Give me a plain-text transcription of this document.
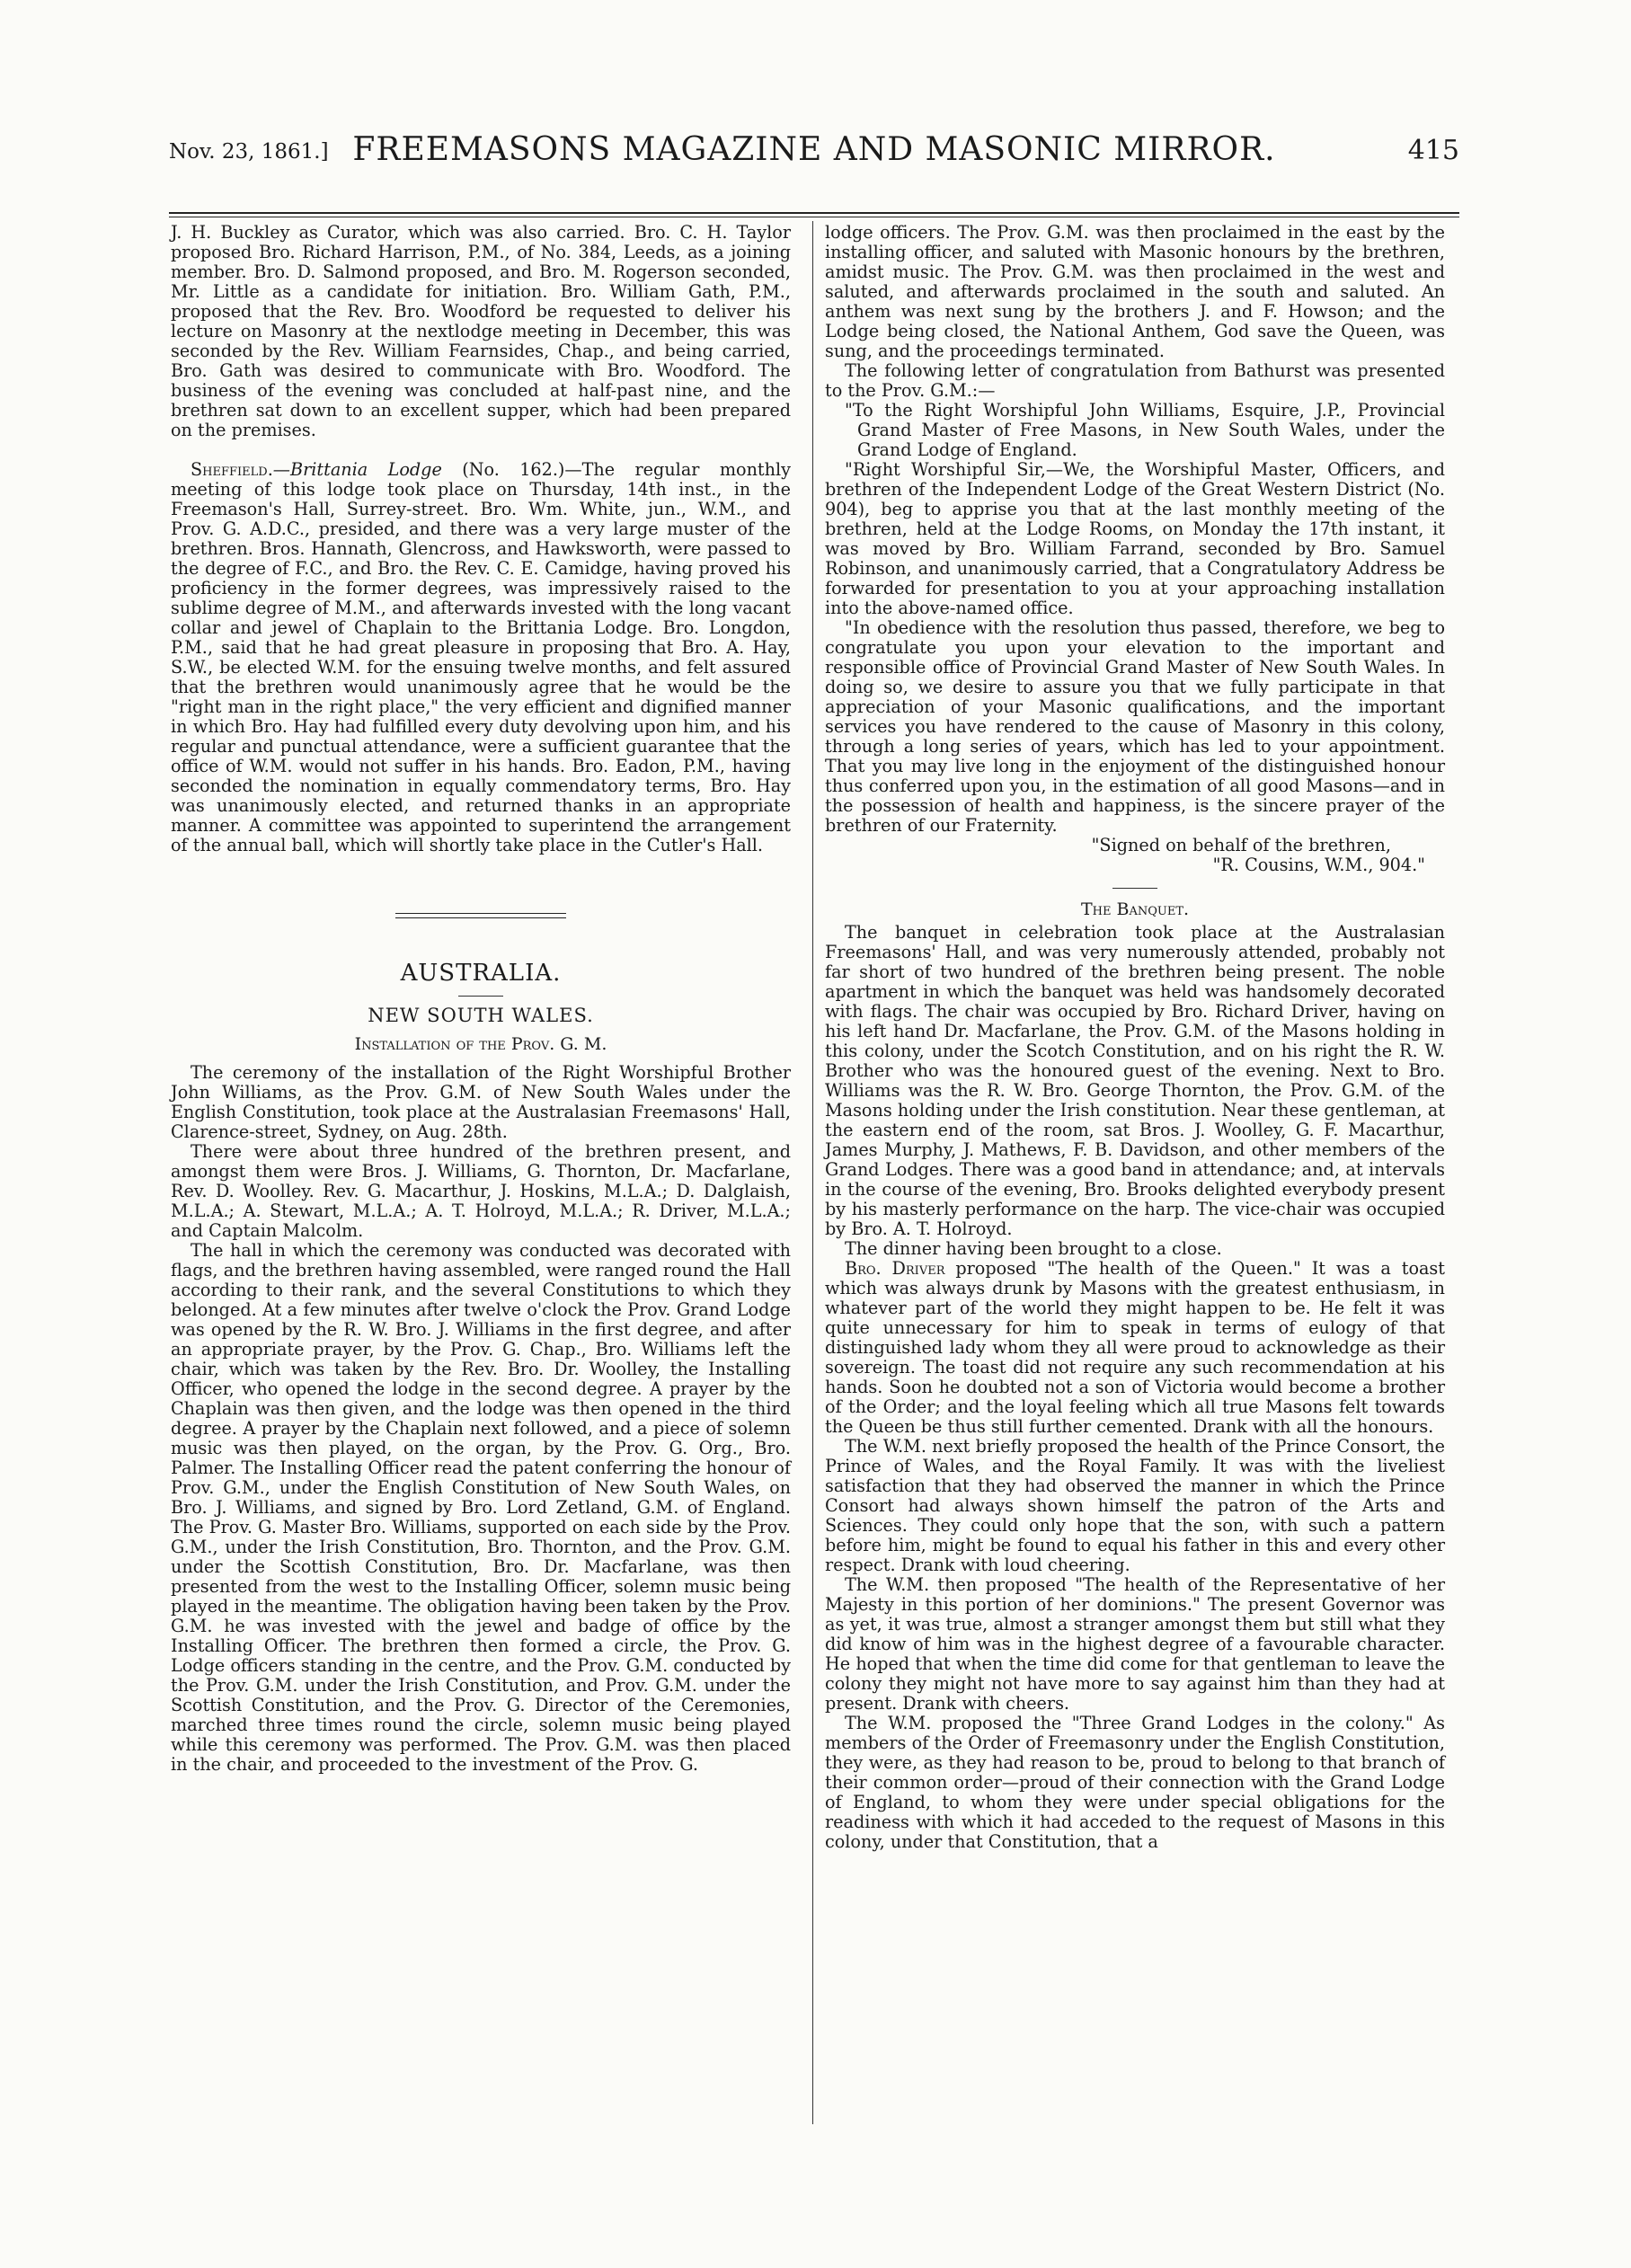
Nov. 23, 1861.] FREEMASONS MAGAZINE AND MASONIC MIRROR.	415

J. H. Buckley as Curator, which was also carried. Bro. C. H. Taylor proposed Bro. Richard Harrison, P.M., of No. 384, Leeds, as a joining member. Bro. D. Salmond proposed, and Bro. M. Rogerson seconded, Mr. Little as a candidate for initiation. Bro. William Gath, P.M., proposed that the Rev. Bro. Woodford be requested to deliver his lecture on Masonry at the nextlodge meeting in December, this was seconded by the Rev. William Fearnsides, Chap., and being carried, Bro. Gath was desired to communicate with Bro. Woodford. The business of the evening was concluded at half-past nine, and the brethren sat down to an excellent supper, which had been prepared on the premises.

Sheffield.—Brittania Lodge (No. 162.)—The regular monthly meeting of this lodge took place on Thursday, 14th inst., in the Freemason's Hall, Surrey-street. Bro. Wm. White, jun., W.M., and Prov. G. A.D.C., presided, and there was a very large muster of the brethren. Bros. Hannath, Glencross, and Hawksworth, were passed to the degree of F.C., and Bro. the Rev. C. E. Camidge, having proved his proficiency in the former degrees, was impressively raised to the sublime degree of M.M., and afterwards invested with the long vacant collar and jewel of Chaplain to the Brittania Lodge. Bro. Longdon, P.M., said that he had great pleasure in proposing that Bro. A. Hay, S.W., be elected W.M. for the ensuing twelve months, and felt assured that the brethren would unanimously agree that he would be the "right man in the right place," the very efficient and dignified manner in which Bro. Hay had fulfilled every duty devolving upon him, and his regular and punctual attendance, were a sufficient guarantee that the office of W.M. would not suffer in his hands. Bro. Eadon, P.M., having seconded the nomination in equally commendatory terms, Bro. Hay was unanimously elected, and returned thanks in an appropriate manner. A committee was appointed to superintend the arrangement of the annual ball, which will shortly take place in the Cutler's Hall.

AUSTRALIA.
NEW SOUTH WALES.
Installation of the Prov. G. M.

The ceremony of the installation of the Right Worshipful Brother John Williams, as the Prov. G.M. of New South Wales under the English Constitution, took place at the Australasian Freemasons' Hall, Clarence-street, Sydney, on Aug. 28th.

There were about three hundred of the brethren present, and amongst them were Bros. J. Williams, G. Thornton, Dr. Macfarlane, Rev. D. Woolley. Rev. G. Macarthur, J. Hoskins, M.L.A.; D. Dalglaish, M.L.A.; A. Stewart, M.L.A.; A. T. Holroyd, M.L.A.; R. Driver, M.L.A.; and Captain Malcolm.

The hall in which the ceremony was conducted was decorated with flags, and the brethren having assembled, were ranged round the Hall according to their rank, and the several Constitutions to which they belonged. At a few minutes after twelve o'clock the Prov. Grand Lodge was opened by the R. W. Bro. J. Williams in the first degree, and after an appropriate prayer, by the Prov. G. Chap., Bro. Williams left the chair, which was taken by the Rev. Bro. Dr. Woolley, the Installing Officer, who opened the lodge in the second degree. A prayer by the Chaplain was then given, and the lodge was then opened in the third degree. A prayer by the Chaplain next followed, and a piece of solemn music was then played, on the organ, by the Prov. G. Org., Bro. Palmer. The Installing Officer read the patent conferring the honour of Prov. G.M., under the English Constitution of New South Wales, on Bro. J. Williams, and signed by Bro. Lord Zetland, G.M. of England. The Prov. G. Master Bro. Williams, supported on each side by the Prov. G.M., under the Irish Constitution, Bro. Thornton, and the Prov. G.M. under the Scottish Constitution, Bro. Dr. Macfarlane, was then presented from the west to the Installing Officer, solemn music being played in the meantime. The obligation having been taken by the Prov. G.M. he was invested with the jewel and badge of office by the Installing Officer. The brethren then formed a circle, the Prov. G. Lodge officers standing in the centre, and the Prov. G.M. conducted by the Prov. G.M. under the Irish Constitution, and Prov. G.M. under the Scottish Constitution, and the Prov. G. Director of the Ceremonies, marched three times round the circle, solemn music being played while this ceremony was performed. The Prov. G.M. was then placed in the chair, and proceeded to the investment of the Prov. G.

lodge officers. The Prov. G.M. was then proclaimed in the east by the installing officer, and saluted with Masonic honours by the brethren, amidst music. The Prov. G.M. was then proclaimed in the west and saluted, and afterwards proclaimed in the south and saluted. An anthem was next sung by the brothers J. and F. Howson; and the Lodge being closed, the National Anthem, God save the Queen, was sung, and the proceedings terminated.

The following letter of congratulation from Bathurst was presented to the Prov. G.M.:—

"To the Right Worshipful John Williams, Esquire, J.P., Provincial Grand Master of Free Masons, in New South Wales, under the Grand Lodge of England.

"Right Worshipful Sir,—We, the Worshipful Master, Officers, and brethren of the Independent Lodge of the Great Western District (No. 904), beg to apprise you that at the last monthly meeting of the brethren, held at the Lodge Rooms, on Monday the 17th instant, it was moved by Bro. William Farrand, seconded by Bro. Samuel Robinson, and unanimously carried, that a Congratulatory Address be forwarded for presentation to you at your approaching installation into the above-named office.

"In obedience with the resolution thus passed, therefore, we beg to congratulate you upon your elevation to the important and responsible office of Provincial Grand Master of New South Wales. In doing so, we desire to assure you that we fully participate in that appreciation of your Masonic qualifications, and the important services you have rendered to the cause of Masonry in this colony, through a long series of years, which has led to your appointment. That you may live long in the enjoyment of the distinguished honour thus conferred upon you, in the estimation of all good Masons—and in the possession of health and happiness, is the sincere prayer of the brethren of our Fraternity.

"Signed on behalf of the brethren,

"R. Cousins, W.M., 904."

The Banquet.

The banquet in celebration took place at the Australasian Freemasons' Hall, and was very numerously attended, probably not far short of two hundred of the brethren being present. The noble apartment in which the banquet was held was handsomely decorated with flags. The chair was occupied by Bro. Richard Driver, having on his left hand Dr. Macfarlane, the Prov. G.M. of the Masons holding in this colony, under the Scotch Constitution, and on his right the R. W. Brother who was the honoured guest of the evening. Next to Bro. Williams was the R. W. Bro. George Thornton, the Prov. G.M. of the Masons holding under the Irish constitution. Near these gentleman, at the eastern end of the room, sat Bros. J. Woolley, G. F. Macarthur, James Murphy, J. Mathews, F. B. Davidson, and other members of the Grand Lodges. There was a good band in attendance; and, at intervals in the course of the evening, Bro. Brooks delighted everybody present by his masterly performance on the harp. The vice-chair was occupied by Bro. A. T. Holroyd.

The dinner having been brought to a close.

Bro. Driver proposed "The health of the Queen." It was a toast which was always drunk by Masons with the greatest enthusiasm, in whatever part of the world they might happen to be. He felt it was quite unnecessary for him to speak in terms of eulogy of that distinguished lady whom they all were proud to acknowledge as their sovereign. The toast did not require any such recommendation at his hands. Soon he doubted not a son of Victoria would become a brother of the Order; and the loyal feeling which all true Masons felt towards the Queen be thus still further cemented. Drank with all the honours.

The W.M. next briefly proposed the health of the Prince Consort, the Prince of Wales, and the Royal Family. It was with the liveliest satisfaction that they had observed the manner in which the Prince Consort had always shown himself the patron of the Arts and Sciences. They could only hope that the son, with such a pattern before him, might be found to equal his father in this and every other respect. Drank with loud cheering.

The W.M. then proposed "The health of the Representative of her Majesty in this portion of her dominions." The present Governor was as yet, it was true, almost a stranger amongst them but still what they did know of him was in the highest degree of a favourable character. He hoped that when the time did come for that gentleman to leave the colony they might not have more to say against him than they had at present. Drank with cheers.

The W.M. proposed the "Three Grand Lodges in the colony." As members of the Order of Freemasonry under the English Constitution, they were, as they had reason to be, proud to belong to that branch of their common order—proud of their connection with the Grand Lodge of England, to whom they were under special obligations for the readiness with which it had acceded to the request of Masons in this colony, under that Constitution, that a
